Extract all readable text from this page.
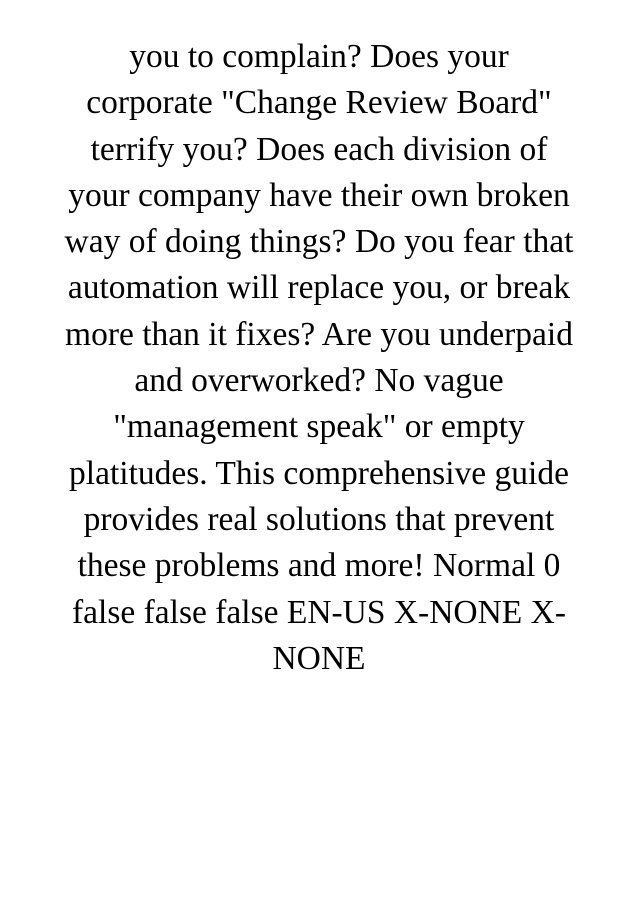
you to complain? Does your
corporate "Change Review Board"
terrify you? Does each division of
your company have their own broken
way of doing things? Do you fear that
automation will replace you, or break
more than it fixes? Are you underpaid
and overworked? No vague
"management speak" or empty
platitudes. This comprehensive guide
provides real solutions that prevent
these problems and more! Normal 0
false false false EN-US X-NONE X-
NONE
